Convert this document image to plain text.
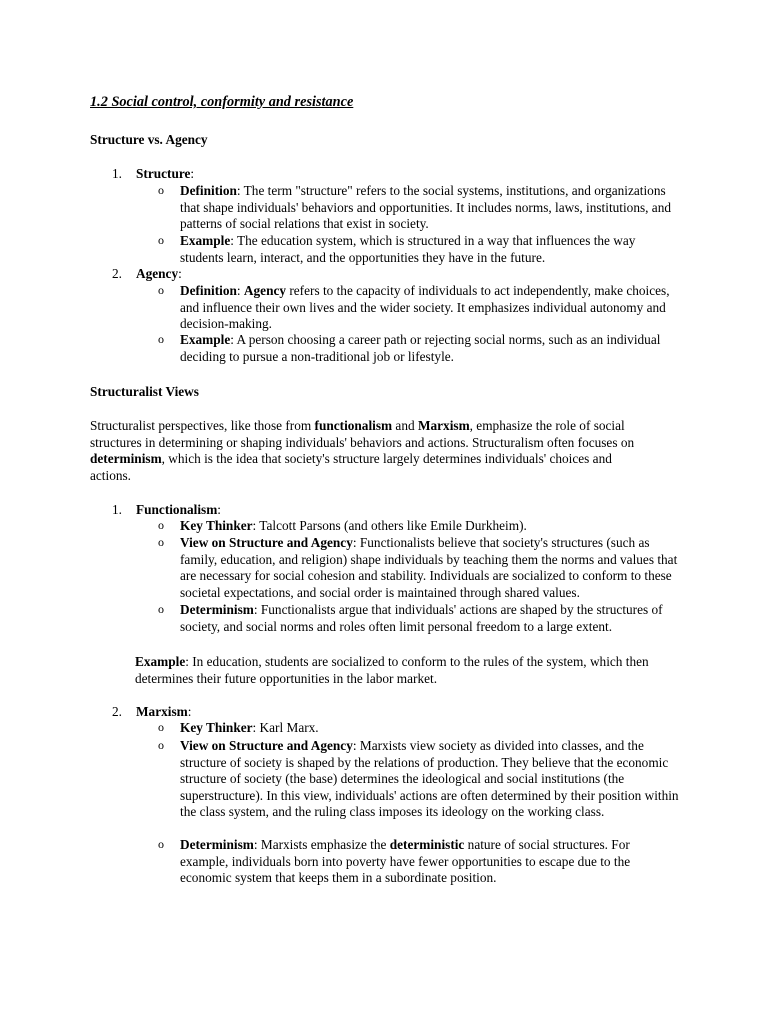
1.2 Social control, conformity and resistance
Structure vs. Agency
1.	Structure:
o Definition: The term "structure" refers to the social systems, institutions, and organizations that shape individuals' behaviors and opportunities. It includes norms, laws, institutions, and patterns of social relations that exist in society.
o Example: The education system, which is structured in a way that influences the way students learn, interact, and the opportunities they have in the future.
2.	Agency:
o Definition: Agency refers to the capacity of individuals to act independently, make choices, and influence their own lives and the wider society. It emphasizes individual autonomy and decision-making.
o Example: A person choosing a career path or rejecting social norms, such as an individual deciding to pursue a non-traditional job or lifestyle.
Structuralist Views
Structuralist perspectives, like those from functionalism and Marxism, emphasize the role of social structures in determining or shaping individuals' behaviors and actions. Structuralism often focuses on determinism, which is the idea that society's structure largely determines individuals' choices and actions.
1.	Functionalism:
o Key Thinker: Talcott Parsons (and others like Emile Durkheim).
o View on Structure and Agency: Functionalists believe that society's structures (such as family, education, and religion) shape individuals by teaching them the norms and values that are necessary for social cohesion and stability. Individuals are socialized to conform to these societal expectations, and social order is maintained through shared values.
o Determinism: Functionalists argue that individuals' actions are shaped by the structures of society, and social norms and roles often limit personal freedom to a large extent.
Example: In education, students are socialized to conform to the rules of the system, which then determines their future opportunities in the labor market.
2.	Marxism:
o Key Thinker: Karl Marx.
o View on Structure and Agency: Marxists view society as divided into classes, and the structure of society is shaped by the relations of production. They believe that the economic structure of society (the base) determines the ideological and social institutions (the superstructure). In this view, individuals' actions are often determined by their position within the class system, and the ruling class imposes its ideology on the working class.
o Determinism: Marxists emphasize the deterministic nature of social structures. For example, individuals born into poverty have fewer opportunities to escape due to the economic system that keeps them in a subordinate position.
